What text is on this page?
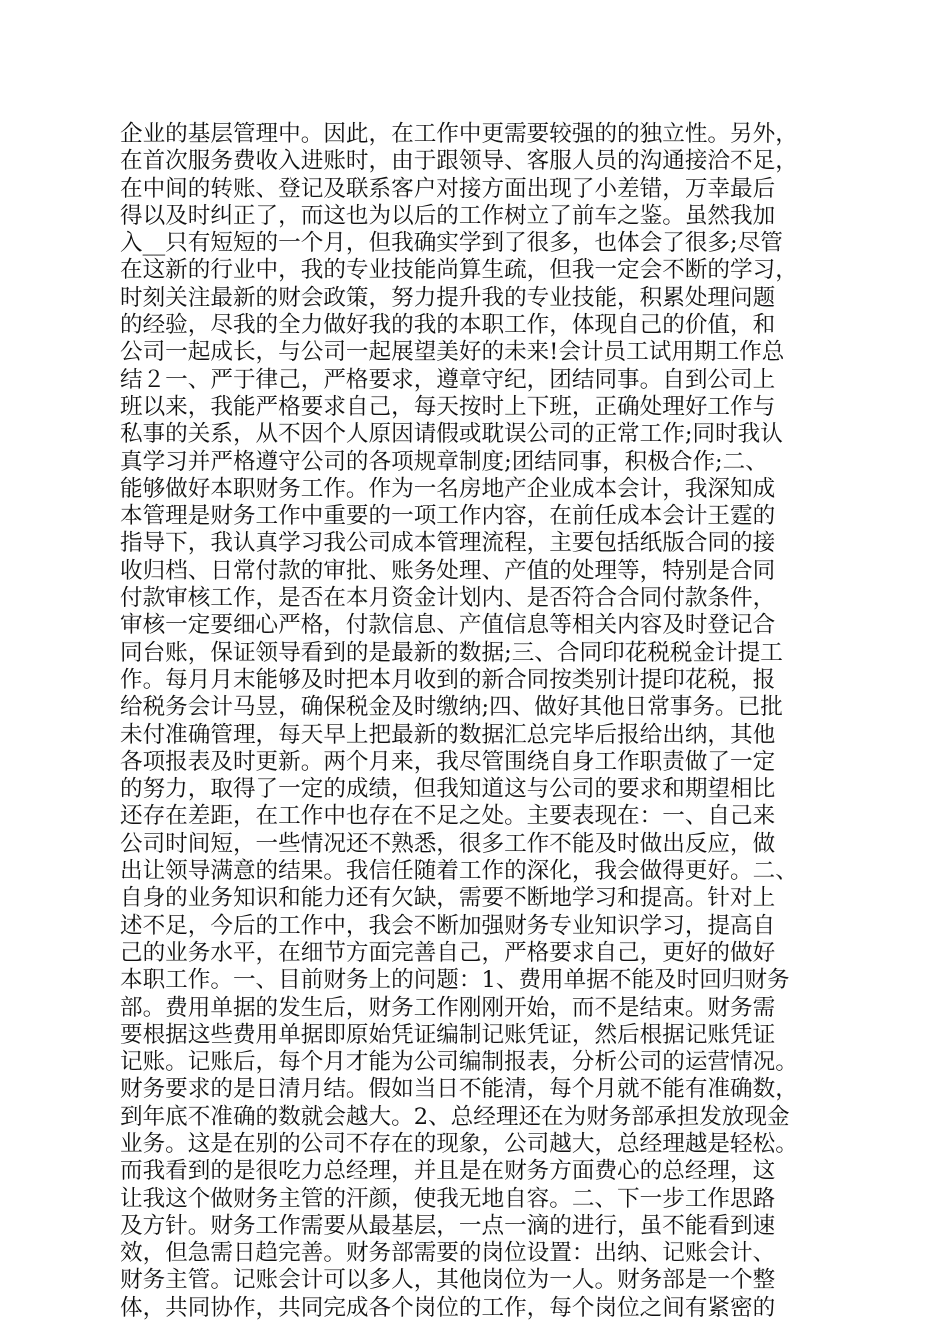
企业的基层管理中。因此，在工作中更需要较强的的独立性。另外，
在首次服务费收入进账时，由于跟领导、客服人员的沟通接洽不足，
在中间的转账、登记及联系客户对接方面出现了小差错，万幸最后
得以及时纠正了，而这也为以后的工作树立了前车之鉴。虽然我加
入__只有短短的一个月，但我确实学到了很多，也体会了很多;尽管
在这新的行业中，我的专业技能尚算生疏，但我一定会不断的学习，
时刻关注最新的财会政策，努力提升我的专业技能，积累处理问题
的经验，尽我的全力做好我的我的本职工作，体现自己的价值，和
公司一起成长，与公司一起展望美好的未来!会计员工试用期工作总
结２一、严于律己，严格要求，遵章守纪，团结同事。自到公司上
班以来，我能严格要求自己，每天按时上下班，正确处理好工作与
私事的关系，从不因个人原因请假或耽误公司的正常工作;同时我认
真学习并严格遵守公司的各项规章制度;团结同事，积极合作;二、
能够做好本职财务工作。作为一名房地产企业成本会计，我深知成
本管理是财务工作中重要的一项工作内容，在前任成本会计王霆的
指导下，我认真学习我公司成本管理流程，主要包括纸版合同的接
收归档、日常付款的审批、账务处理、产值的处理等，特别是合同
付款审核工作，是否在本月资金计划内、是否符合合同付款条件，
审核一定要细心严格，付款信息、产值信息等相关内容及时登记合
同台账，保证领导看到的是最新的数据;三、合同印花税税金计提工
作。每月月末能够及时把本月收到的新合同按类别计提印花税，报
给税务会计马昱，确保税金及时缴纳;四、做好其他日常事务。已批
未付准确管理，每天早上把最新的数据汇总完毕后报给出纳，其他
各项报表及时更新。两个月来，我尽管围绕自身工作职责做了一定
的努力，取得了一定的成绩，但我知道这与公司的要求和期望相比
还存在差距，在工作中也存在不足之处。主要表现在：一、自己来
公司时间短，一些情况还不熟悉，很多工作不能及时做出反应，做
出让领导满意的结果。我信任随着工作的深化，我会做得更好。二、
自身的业务知识和能力还有欠缺，需要不断地学习和提高。针对上
述不足，今后的工作中，我会不断加强财务专业知识学习，提高自
己的业务水平，在细节方面完善自己，严格要求自己，更好的做好
本职工作。一、目前财务上的问题：1、费用单据不能及时回归财务
部。费用单据的发生后，财务工作刚刚开始，而不是结束。财务需
要根据这些费用单据即原始凭证编制记账凭证，然后根据记账凭证
记账。记账后，每个月才能为公司编制报表，分析公司的运营情况。
财务要求的是日清月结。假如当日不能清，每个月就不能有准确数，
到年底不准确的数就会越大。2、总经理还在为财务部承担发放现金
业务。这是在别的公司不存在的现象，公司越大，总经理越是轻松。
而我看到的是很吃力总经理，并且是在财务方面费心的总经理，这
让我这个做财务主管的汗颜，使我无地自容。二、下一步工作思路
及方针。财务工作需要从最基层，一点一滴的进行，虽不能看到速
效，但急需日趋完善。财务部需要的岗位设置：出纳、记账会计、
财务主管。记账会计可以多人，其他岗位为一人。财务部是一个整
体，共同协作，共同完成各个岗位的工作，每个岗位之间有紧密的
